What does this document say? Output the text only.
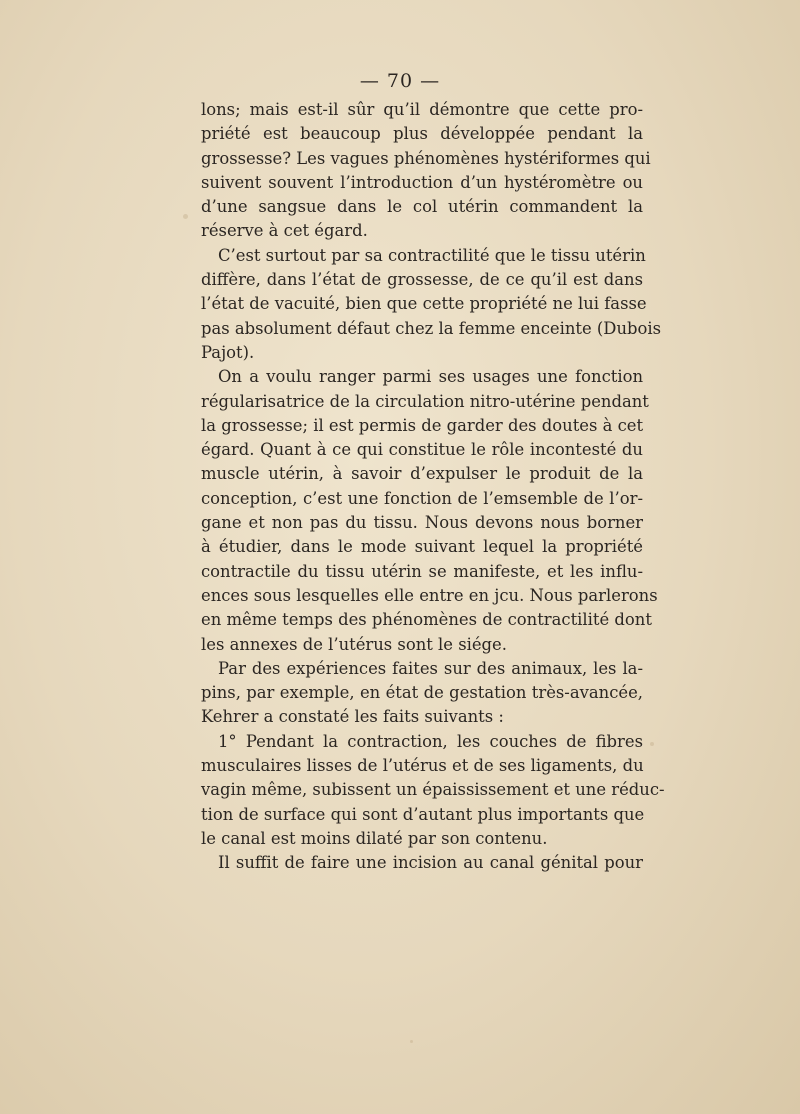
— 70 —
lons; mais est-il sûr qu’il démontre que cette pro-
priété est beaucoup plus développée pendant la
grossesse? Les vagues phénomènes hystériformes qui
suivent souvent l’introduction d’un hystéromètre ou
d’une sangsue dans le col utérin commandent la
réserve à cet égard.
C’est surtout par sa contractilité que le tissu utérin
diffère, dans l’état de grossesse, de ce qu’il est dans
l’état de vacuité, bien que cette propriété ne lui fasse
pas absolument défaut chez la femme enceinte (Dubois
Pajot).
On a voulu ranger parmi ses usages une fonction
régularisatrice de la circulation nitro-utérine pendant
la grossesse; il est permis de garder des doutes à cet
égard. Quant à ce qui constitue le rôle incontesté du
muscle utérin, à savoir d’expulser le produit de la
conception, c’est une fonction de l’emsemble de l’or-
gane et non pas du tissu. Nous devons nous borner
à étudier, dans le mode suivant lequel la propriété
contractile du tissu utérin se manifeste, et les influ-
ences sous lesquelles elle entre en jcu. Nous parlerons
en même temps des phénomènes de contractilité dont
les annexes de l’utérus sont le siége.
Par des expériences faites sur des animaux, les la-
pins, par exemple, en état de gestation très-avancée,
Kehrer a constaté les faits suivants :
1° Pendant la contraction, les couches de fibres
musculaires lisses de l’utérus et de ses ligaments, du
vagin même, subissent un épaississement et une réduc-
tion de surface qui sont d’autant plus importants que
le canal est moins dilaté par son contenu.
Il suffit de faire une incision au canal génital pour
